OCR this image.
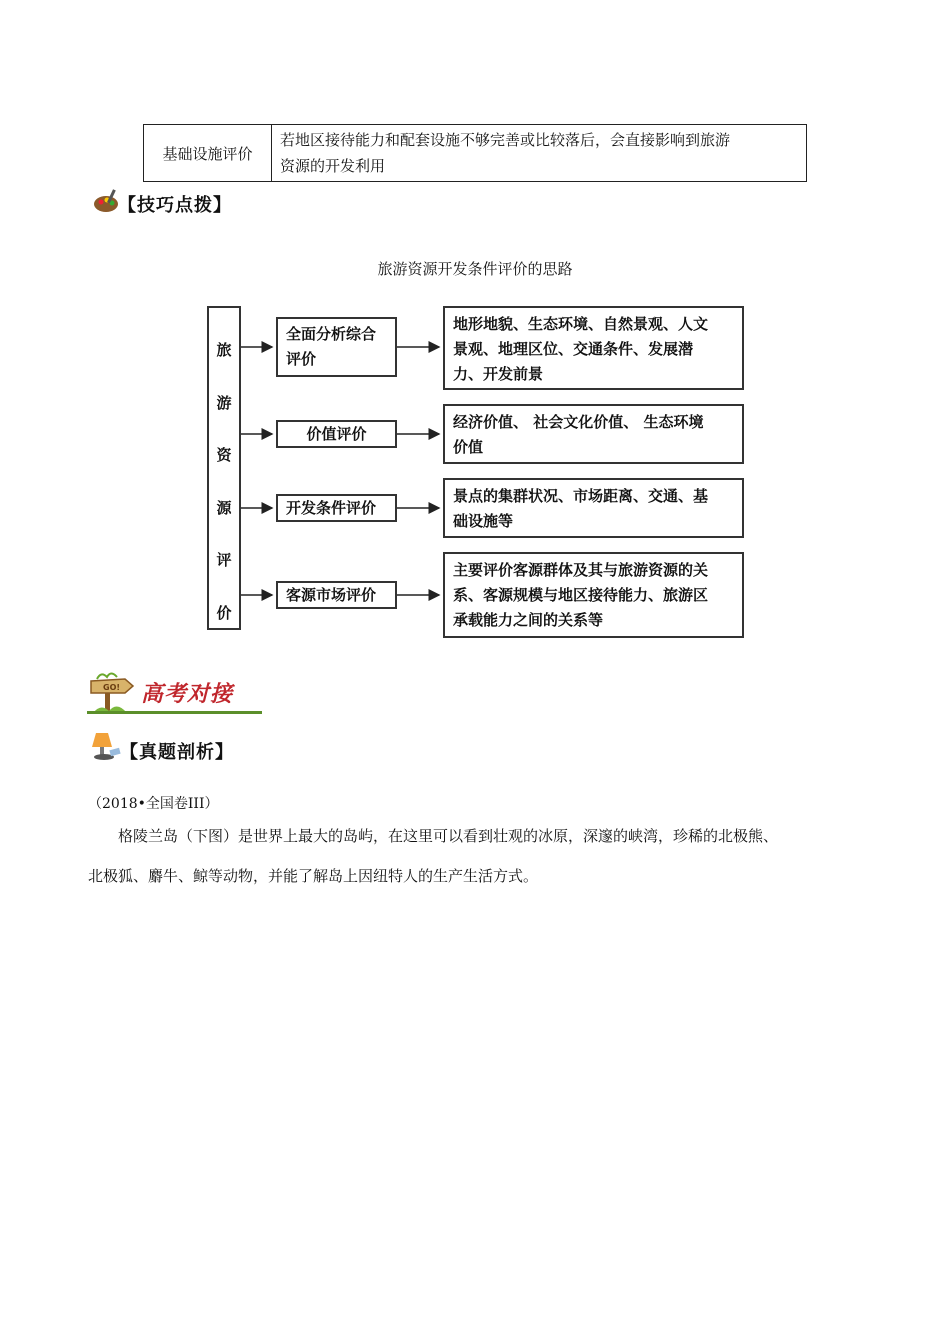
基础设施评价	
若地区接待能力和配套设施不够完善或比较落后，会直接影响到旅游
资源的开发利用
【技巧点拨】
旅游资源开发条件评价的思路
旅
游
资
源
评
价
全面分析综合
评价
价值评价
开发条件评价
客源市场评价
地形地貌、生态环境、自然景观、人文
景观、地理区位、交通条件、发展潜
力、开发前景
经济价值、 社会文化价值、 生态环境
价值
景点的集群状况、市场距离、交通、基
础设施等
主要评价客源群体及其与旅游资源的关
系、客源规模与地区接待能力、旅游区
承载能力之间的关系等
GO! 高考对接
【真题剖析】
（2018•全国卷III）
格陵兰岛（下图）是世界上最大的岛屿，在这里可以看到壮观的冰原，深邃的峡湾，珍稀的北极熊、
北极狐、麝牛、鲸等动物，并能了解岛上因纽特人的生产生活方式。
